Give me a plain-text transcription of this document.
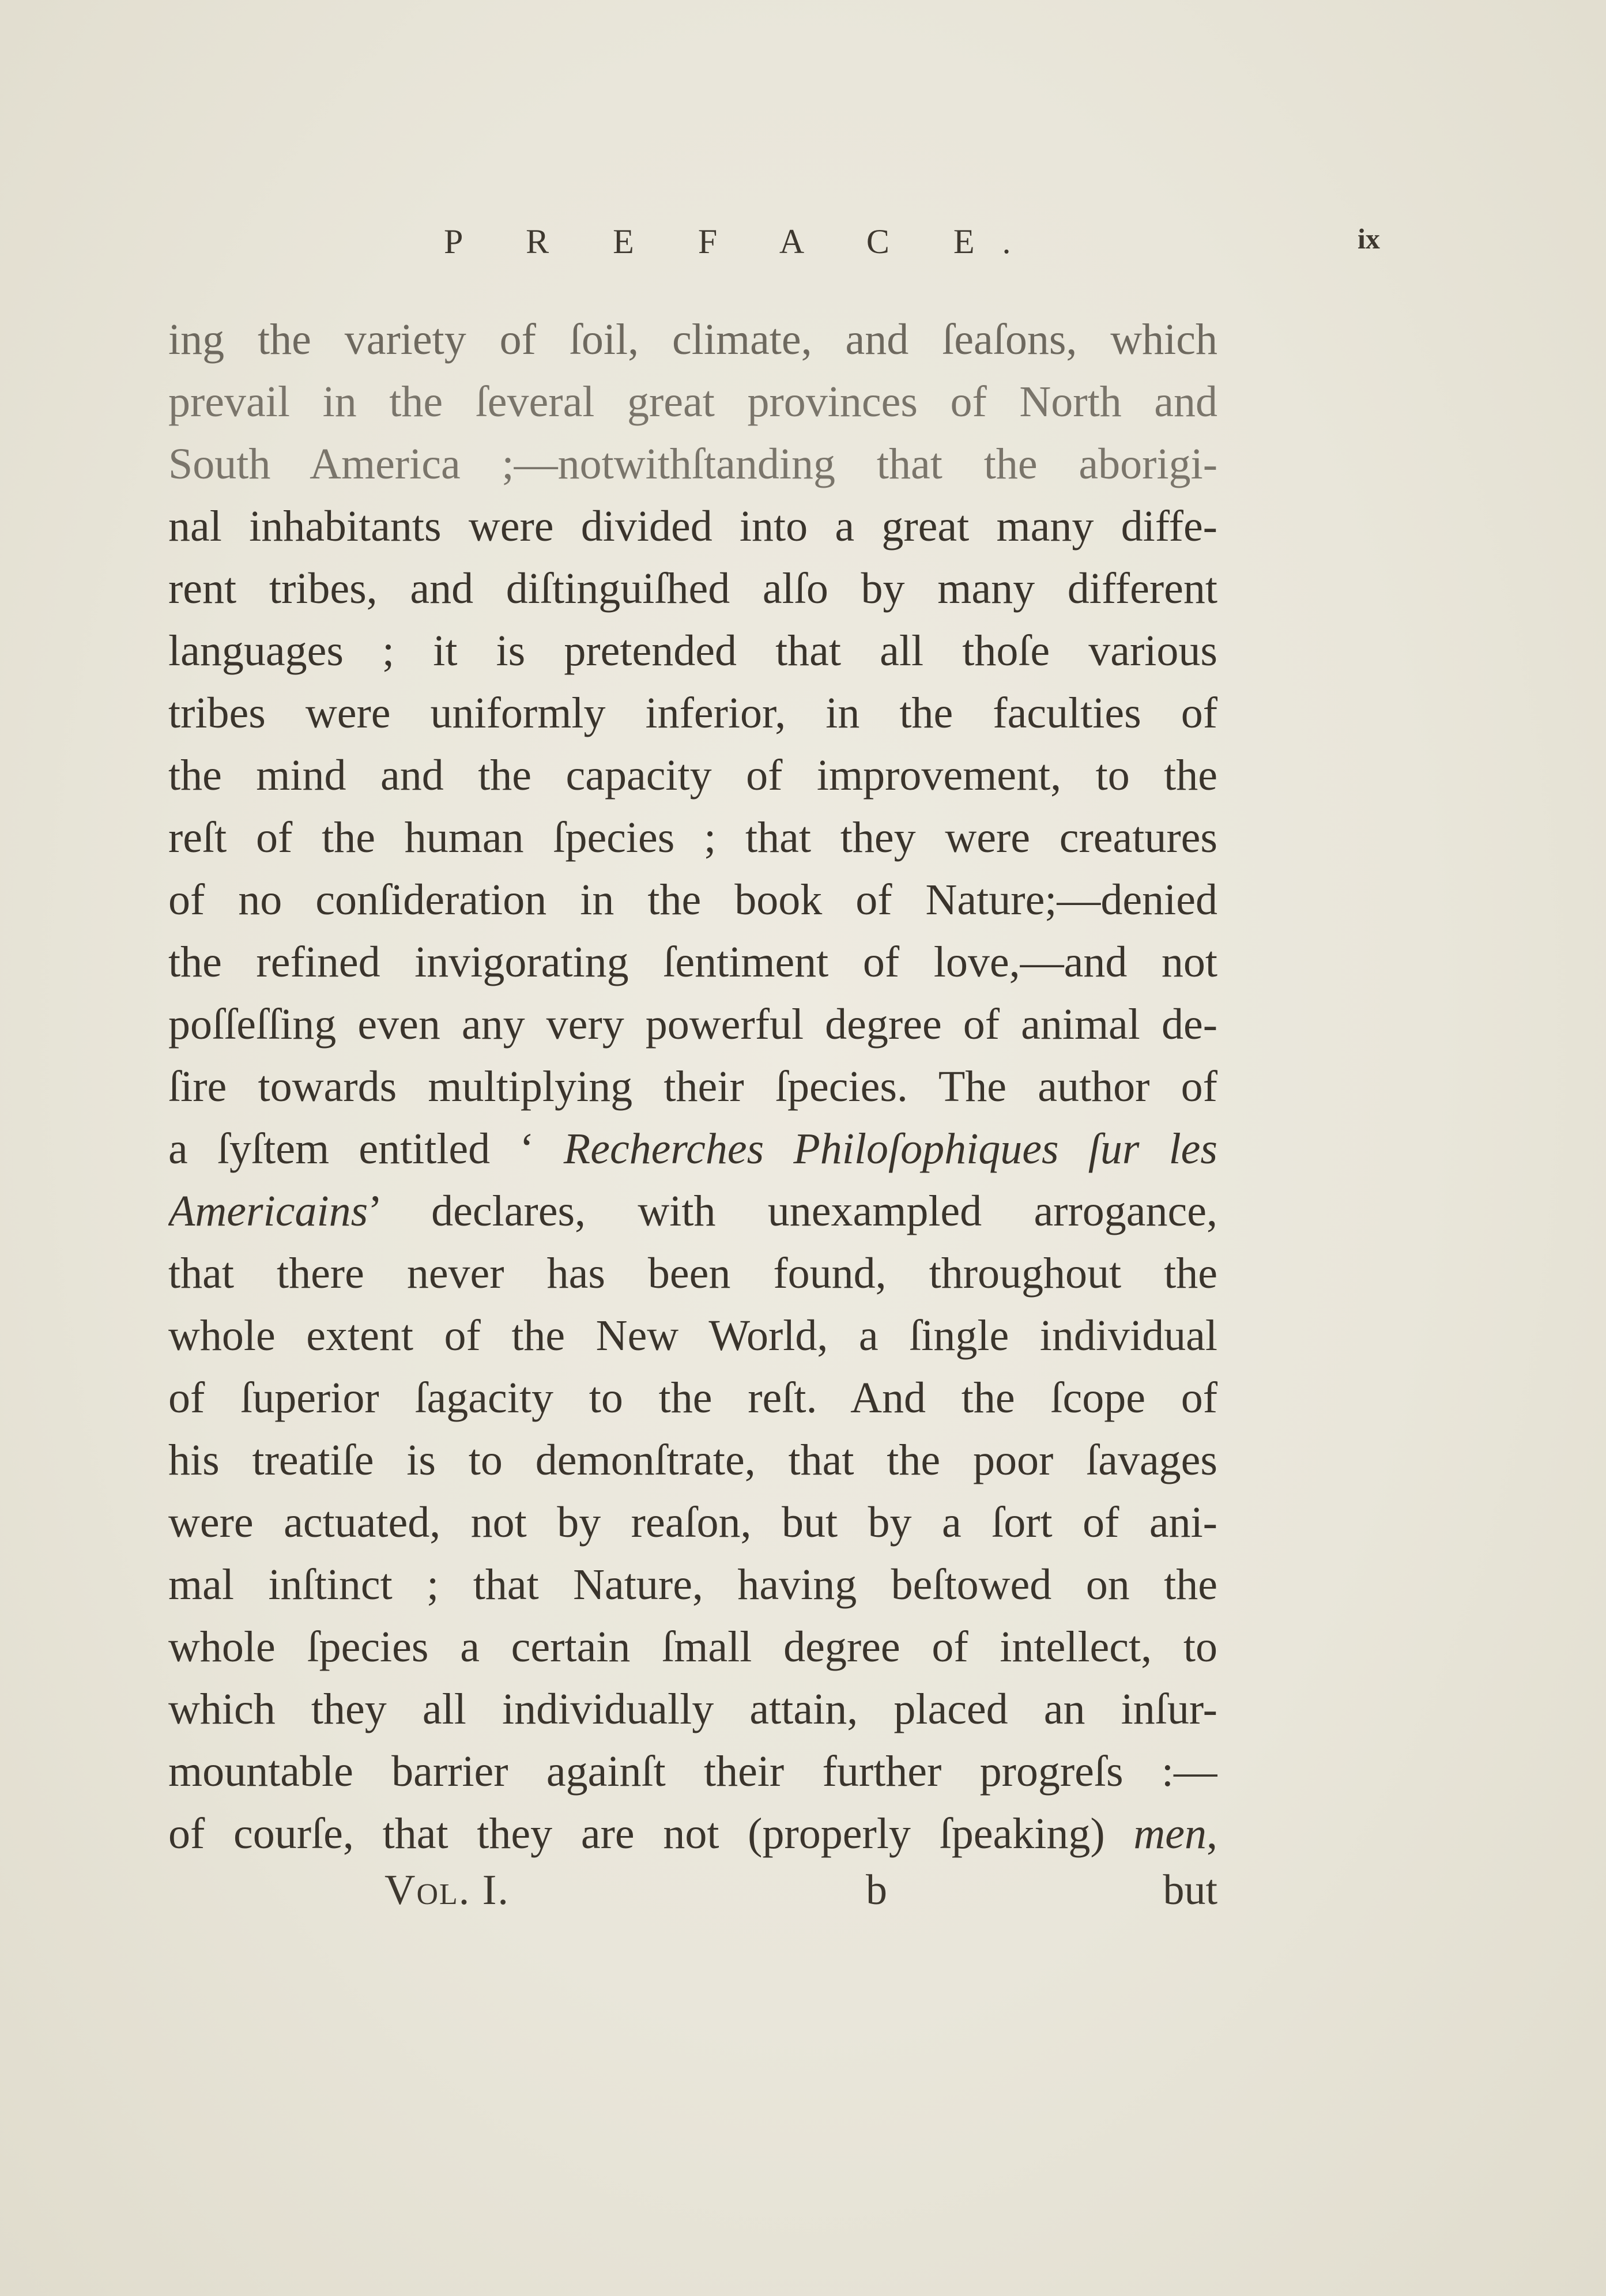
P R E F A C E.	ix
ing the variety of ſoil, climate, and ſeaſons, which
prevail in the ſeveral great provinces of North and
South America ;—notwithſtanding that the aborigi-
nal inhabitants were divided into a great many diffe-
rent tribes, and diſtinguiſhed alſo by many different
languages ; it is pretended that all thoſe various
tribes were uniformly inferior, in the faculties of
the mind and the capacity of improvement, to the
reſt of the human ſpecies ; that they were creatures
of no conſideration in the book of Nature;—denied
the refined invigorating ſentiment of love,—and not
poſſeſſing even any very powerful degree of animal de-
ſire towards multiplying their ſpecies. The author of
a ſyſtem entitled ‘ Recherches Philoſophiques ſur les
Americains’ declares, with unexampled arrogance,
that there never has been found, throughout the
whole extent of the New World, a ſingle individual
of ſuperior ſagacity to the reſt. And the ſcope of
his treatiſe is to demonſtrate, that the poor ſavages
were actuated, not by reaſon, but by a ſort of ani-
mal inſtinct ; that Nature, having beſtowed on the
whole ſpecies a certain ſmall degree of intellect, to
which they all individually attain, placed an inſur-
mountable barrier againſt their further progreſs :—
of courſe, that they are not (properly ſpeaking) men,
Vol. I.	b	but
